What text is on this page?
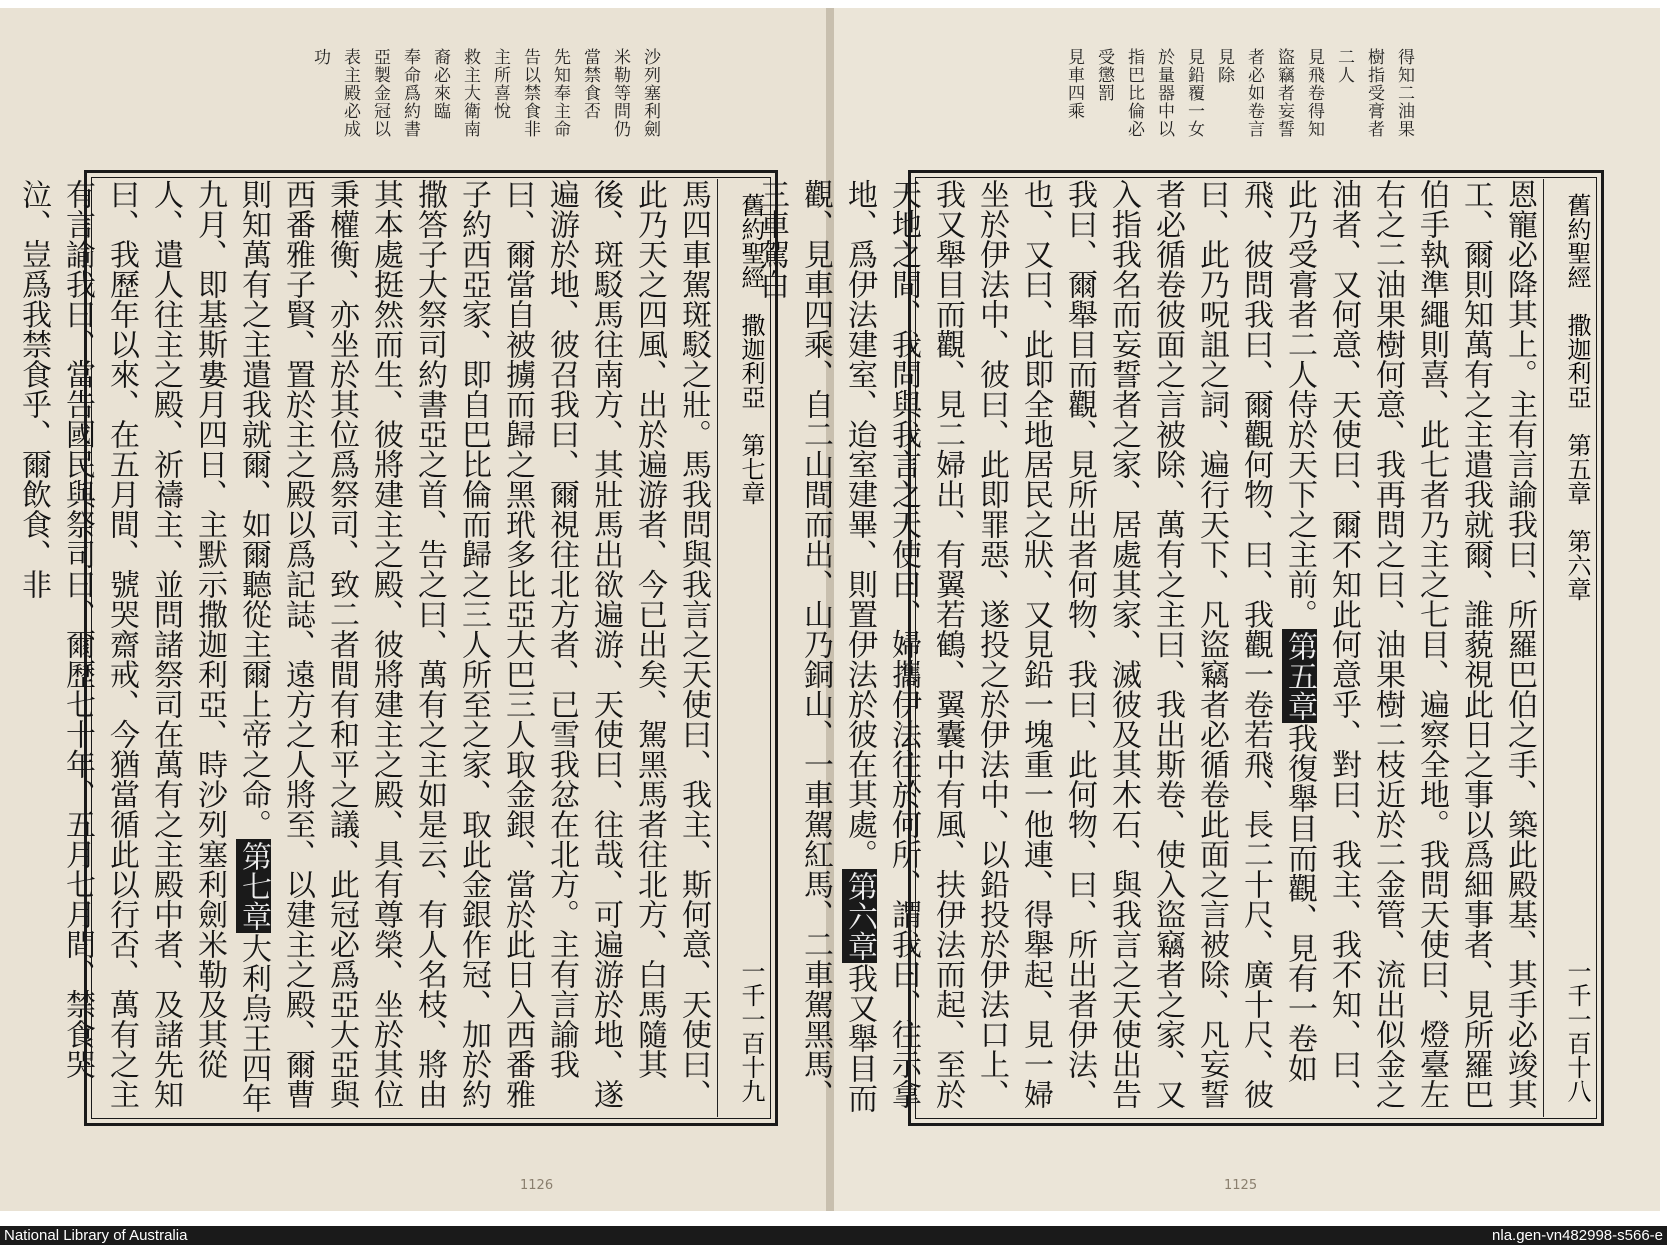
沙列塞利劍
米勒等問仍
當禁食否
先知奉主命
告以禁食非
主所喜悅
救主大衛南
裔必來臨
奉命爲約書
亞製金冠以
表主殿必成
功
舊約聖經　撒迦利亞　第七章
一千一百十九

馬四車駕斑駁之壯。馬我問與我言之天使曰、我主、斯何意、天使曰、此乃天之四風、出於遍游者、今已出矣、駕黑馬者往北方、白馬隨其後、斑駁馬往南方、其壯馬出欲遍游、天使曰、往哉、可遍游於地、遂遍游於地、彼召我曰、爾視往北方者、已雪我忿在北方。主有言諭我曰、爾當自被擄而歸之黑玳多比亞大巴三人取金銀、當於此日入西番雅子約西亞家、即自巴比倫而歸之三人所至之家、取此金銀作冠、加於約撒答子大祭司約書亞之首、告之曰、萬有之主如是云、有人名枝、將由其本處挺然而生、彼將建主之殿、彼將建主之殿、具有尊榮、坐於其位秉權衡、亦坐於其位爲祭司、致二者間有和平之議、此冠必爲亞大亞與西番雅子賢、置於主之殿以爲記誌、遠方之人將至、以建主之殿、爾曹則知萬有之主遣我就爾、如爾聽從主爾上帝之命。第七章大利烏王四年九月、即基斯婁月四日、主默示撒迦利亞、時沙列塞利劍米勒及其從人、遣人往主之殿、祈禱主、並問諸祭司在萬有之主殿中者、及諸先知曰、我歷年以來、在五月間、號哭齋戒、今猶當循此以行否、萬有之主有言諭我曰、當告國民與祭司曰、爾歷七十年、五月七月間、禁食哭泣、豈爲我禁食乎、爾飲食、非

1126
得知二油果
樹指受膏者
二人
見飛卷得知
盜竊者妄誓
者必如卷言
見除
見鉛覆一女
於量器中以
指巴比倫必
受懲罰
見車四乘
舊約聖經　撒迦利亞　第五章　第六章
一千一百十八

恩寵必降其上。主有言諭我曰、所羅巴伯之手、築此殿基、其手必竣其工、爾則知萬有之主遣我就爾、誰藐視此日之事以爲細事者、見所羅巴伯手執準繩則喜、此七者乃主之七目、遍察全地。我問天使曰、燈臺左右之二油果樹何意、我再問之曰、油果樹二枝近於二金管、流出似金之油者、又何意、天使曰、爾不知此何意乎、對曰、我主、我不知、曰、此乃受膏者二人侍於天下之主前。第五章我復舉目而觀、見有一卷如飛、彼問我曰、爾觀何物、曰、我觀一卷若飛、長二十尺、廣十尺、彼曰、此乃呪詛之詞、遍行天下、凡盜竊者必循卷此面之言被除、凡妄誓者必循卷彼面之言被除、萬有之主曰、我出斯卷、使入盜竊者之家、又入指我名而妄誓者之家、居處其家、滅彼及其木石、與我言之天使出告我曰、爾舉目而觀、見所出者何物、我曰、此何物、曰、所出者伊法、也、又曰、此即全地居民之狀、又見鉛一塊重一他連、得舉起、見一婦坐於伊法中、彼曰、此即罪惡、遂投之於伊法中、以鉛投於伊法口上、我又舉目而觀、見二婦出、有翼若鶴、翼囊中有風、扶伊法而起、至於天地之間、我問與我言之天使曰、婦攜伊法往於何所、謂我曰、往示拿地、爲伊法建室、迨室建畢、則置伊法於彼在其處。第六章我又舉目而觀、見車四乘、自二山間而出、山乃銅山、一車駕紅馬、二車駕黑馬、三車駕白

1125
National Library of Australia	nla.gen-vn482998-s566-e
